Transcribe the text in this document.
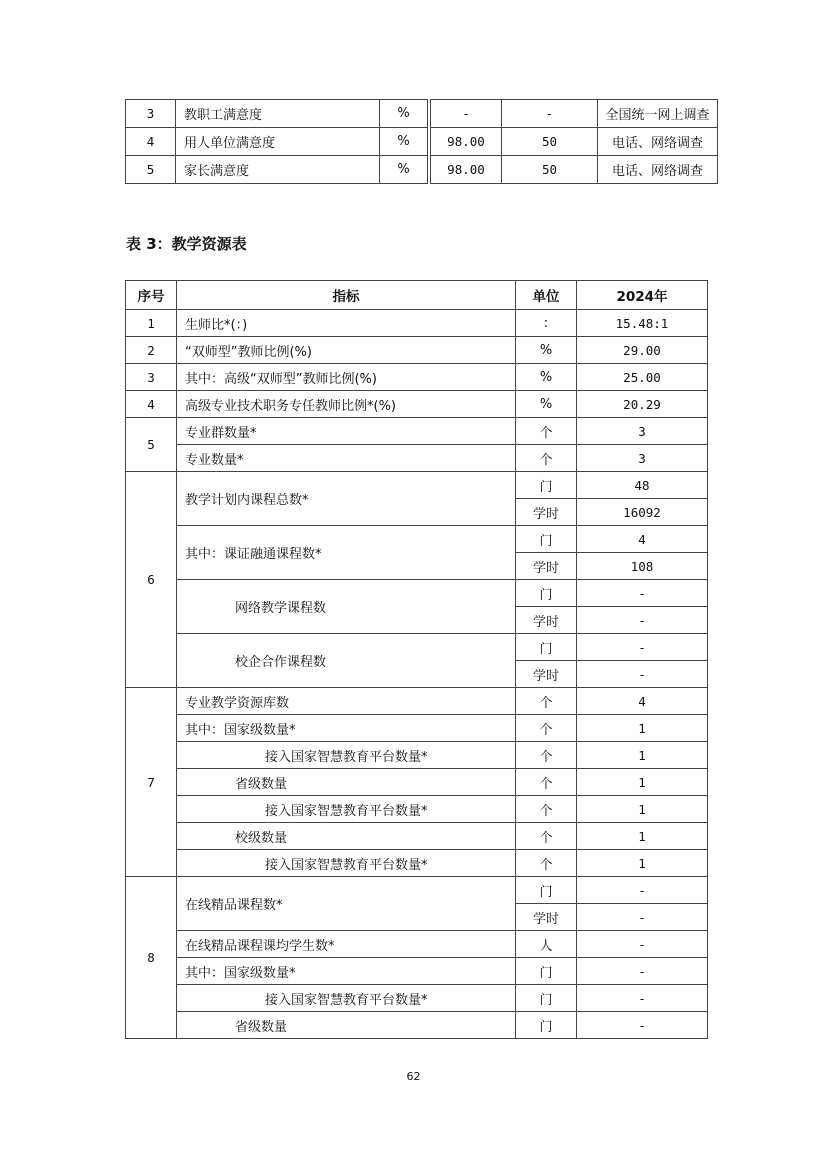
3	教职工满意度	%		-	-	全国统一网上调查
4	用人单位满意度	%		98.00	50	电话、网络调查
5	家长满意度	%		98.00	50	电话、网络调查
表 3：教学资源表
序号	指标	单位	2024年
1	生师比*(：)	:	15.48:1
2	“双师型”教师比例(%)	%	29.00
3	其中：高级“双师型”教师比例(%)	%	25.00
4	高级专业技术职务专任教师比例*(%)	%	20.29
5	专业群数量*	个	3
	专业数量*	个	3
6	教学计划内课程总数*	门	48
		学时	16092
	其中：课证融通课程数*	门	4
		学时	108
	网络教学课程数	门	-
		学时	-
	校企合作课程数	门	-
		学时	-
7	专业教学资源库数	个	4
	其中：国家级数量*	个	1
	接入国家智慧教育平台数量*	个	1
	省级数量	个	1
	接入国家智慧教育平台数量*	个	1
	校级数量	个	1
	接入国家智慧教育平台数量*	个	1
8	在线精品课程数*	门	-
		学时	-
	在线精品课程课均学生数*	人	-
	其中：国家级数量*	门	-
	接入国家智慧教育平台数量*	门	-
	省级数量	门	-
62
